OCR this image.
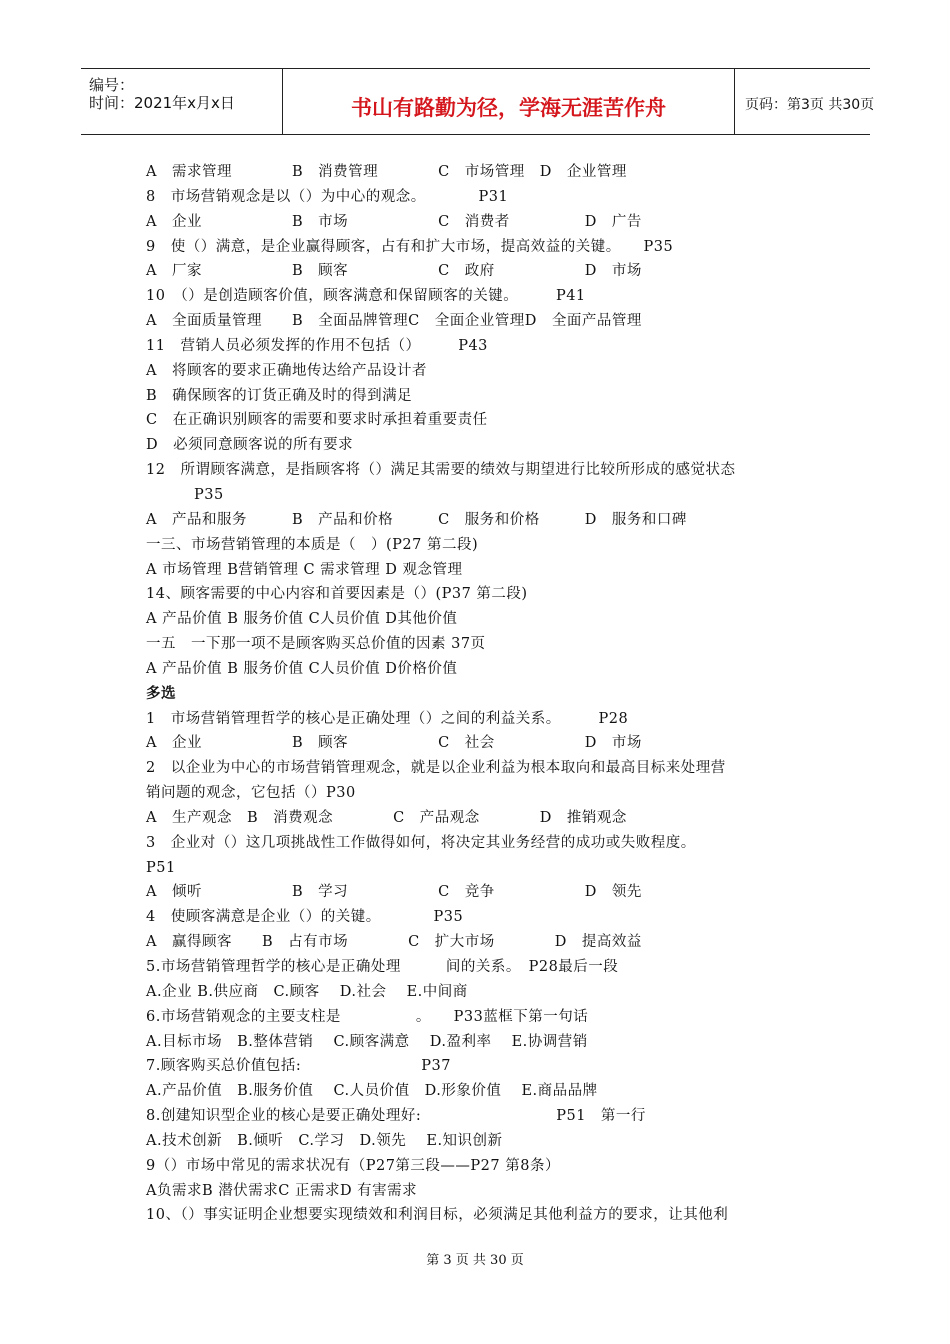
编号：
时间：2021年x月x日	书山有路勤为径，学海无涯苦作舟	页码：第3页 共30页
A　需求管理　　　　B　消费管理　　　　C　市场管理　D　企业管理
8　市场营销观念是以（）为中心的观念。　　　　P31
A　企业　　　　　　B　市场　　　　　　C　消费者　　　　　D　广告
9　使（）满意，是企业赢得顾客，占有和扩大市场，提高效益的关键。　　P35
A　厂家　　　　　　B　顾客　　　　　　C　政府　　　　　　D　市场
10　（）是创造顾客价值，顾客满意和保留顾客的关键。　　　P41
A　全面质量管理　　B　全面品牌管理C　全面企业管理D　全面产品管理
11　营销人员必须发挥的作用不包括（）　　　P43
A　将顾客的要求正确地传达给产品设计者
B　确保顾客的订货正确及时的得到满足
C　在正确识别顾客的需要和要求时承担着重要责任
D　必须同意顾客说的所有要求
12　所谓顾客满意，是指顾客将（）满足其需要的绩效与期望进行比较所形成的感觉状态
P35
A　产品和服务　　　B　产品和价格　　　C　服务和价格　　　D　服务和口碑
一三、市场营销管理的本质是（　）(P27 第二段)
A 市场管理 B营销管理 C 需求管理 D 观念管理
14、顾客需要的中心内容和首要因素是（）(P37 第二段)
A 产品价值 B 服务价值 C人员价值 D其他价值
一五　一下那一项不是顾客购买总价值的因素 37页
A 产品价值 B 服务价值 C人员价值 D价格价值
多选
1　市场营销管理哲学的核心是正确处理（）之间的利益关系。　　　P28
A　企业　　　　　　B　顾客　　　　　　C　社会　　　　　　D　市场
2　以企业为中心的市场营销管理观念，就是以企业利益为根本取向和最高目标来处理营
销问题的观念，它包括（）P30
A　生产观念　B　消费观念　　　　C　产品观念　　　　D　推销观念
3　企业对（）这几项挑战性工作做得如何，将决定其业务经营的成功或失败程度。
P51
A　倾听　　　　　　B　学习　　　　　　C　竞争　　　　　　D　领先
4　使顾客满意是企业（）的关键。　　　　P35
A　赢得顾客　　B　占有市场　　　　C　扩大市场　　　　D　提高效益
5.市场营销管理哲学的核心是正确处理　　　间的关系。　P28最后一段
A.企业 B.供应商　C.顾客　 D.社会　 E.中间商
6.市场营销观念的主要支柱是　　　　　。　　P33蓝框下第一句话
A.目标市场　B.整体营销　 C.顾客满意　 D.盈利率　 E.协调营销
7.顾客购买总价值包括:　　　　　　　　P37
A.产品价值　B.服务价值　 C.人员价值　D.形象价值　 E.商品品牌
8.创建知识型企业的核心是要正确处理好:　　　　　　　　　P51　第一行
A.技术创新　B.倾听　C.学习　D.领先　 E.知识创新
9（）市场中常见的需求状况有（P27第三段——P27 第8条）
A负需求B 潜伏需求C 正需求D 有害需求
10、（）事实证明企业想要实现绩效和利润目标，必须满足其他利益方的要求，让其他利
第 3 页 共 30 页
